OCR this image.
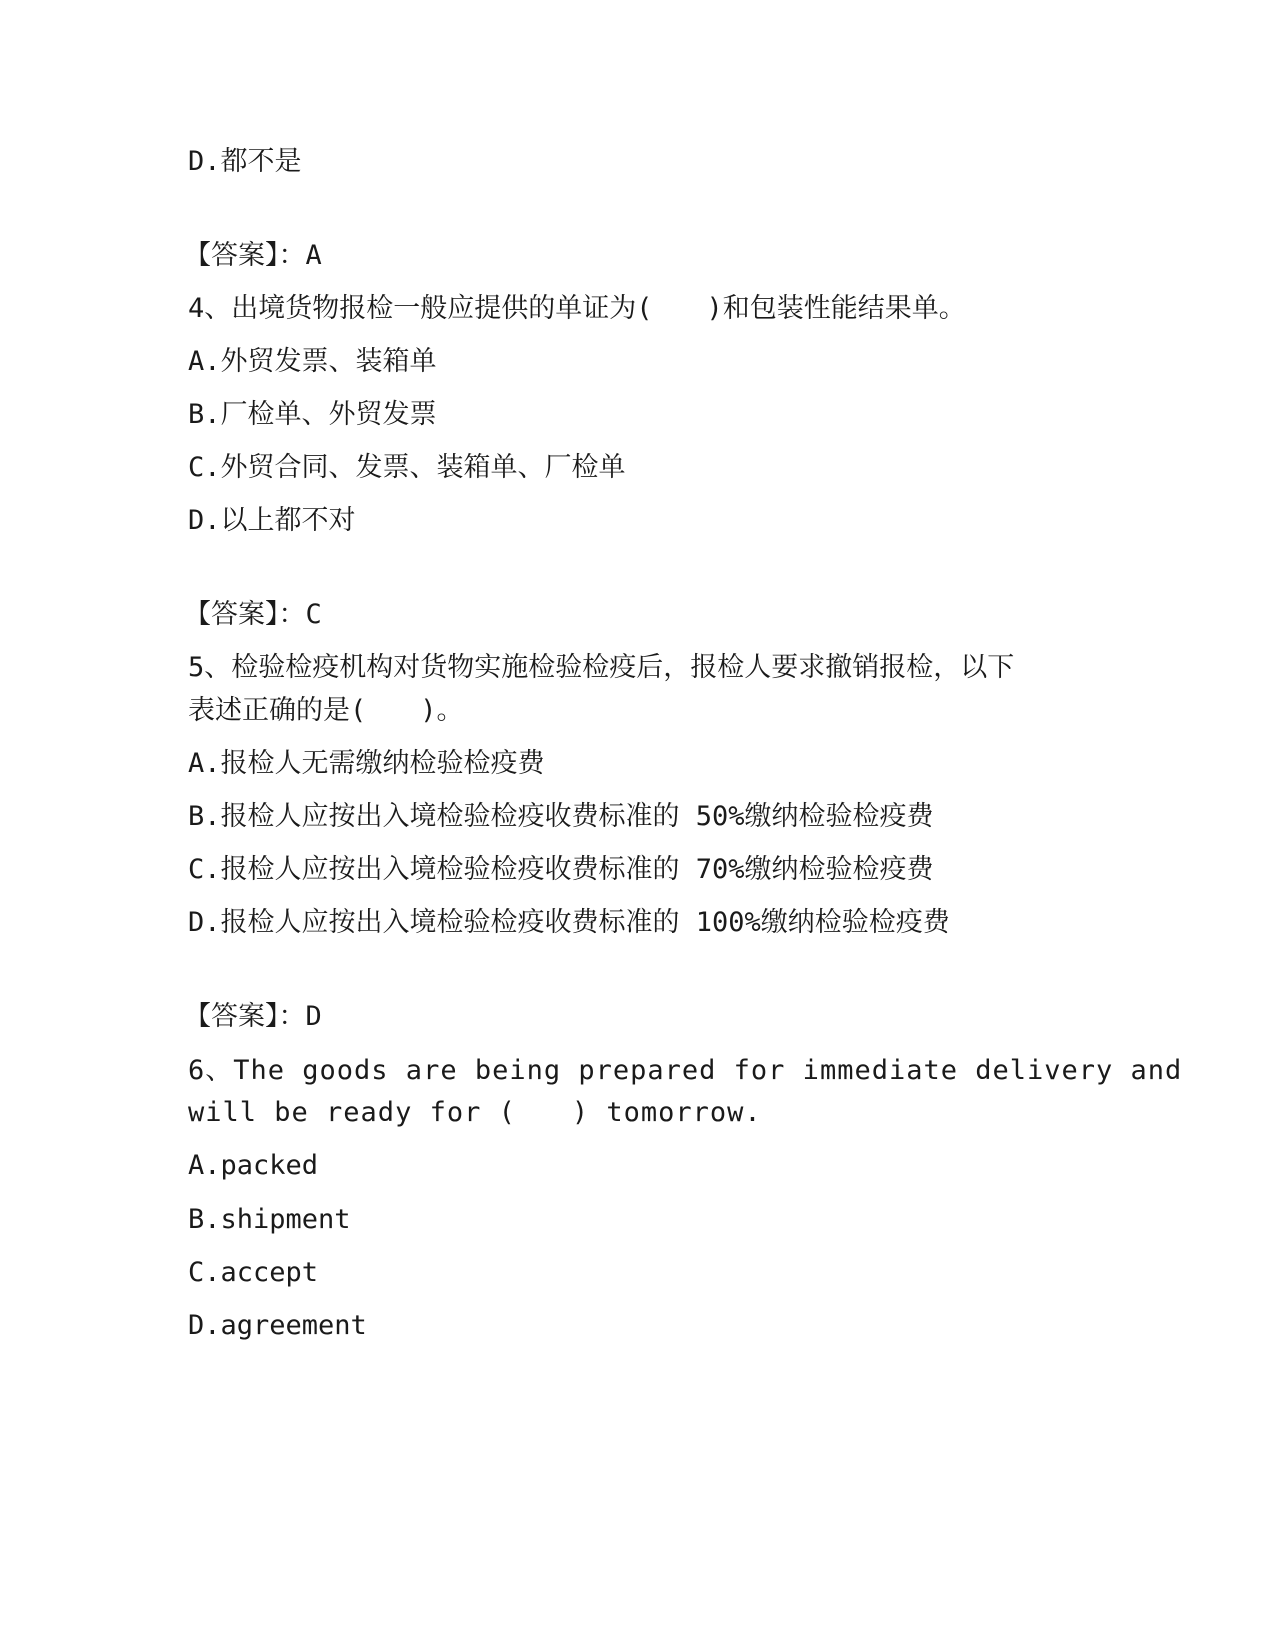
D.都不是
【答案】：A
4、出境货物报检一般应提供的单证为(　　)和包装性能结果单。
A.外贸发票、装箱单
B.厂检单、外贸发票
C.外贸合同、发票、装箱单、厂检单
D.以上都不对
【答案】：C
5、检验检疫机构对货物实施检验检疫后，报检人要求撤销报检，以下
表述正确的是(　　)。
A.报检人无需缴纳检验检疫费
B.报检人应按出入境检验检疫收费标准的 50%缴纳检验检疫费
C.报检人应按出入境检验检疫收费标准的 70%缴纳检验检疫费
D.报检人应按出入境检验检疫收费标准的 100%缴纳检验检疫费
【答案】：D
6、The goods are being prepared for immediate delivery and
will be ready for (　　) tomorrow.
A.packed
B.shipment
C.accept
D.agreement
